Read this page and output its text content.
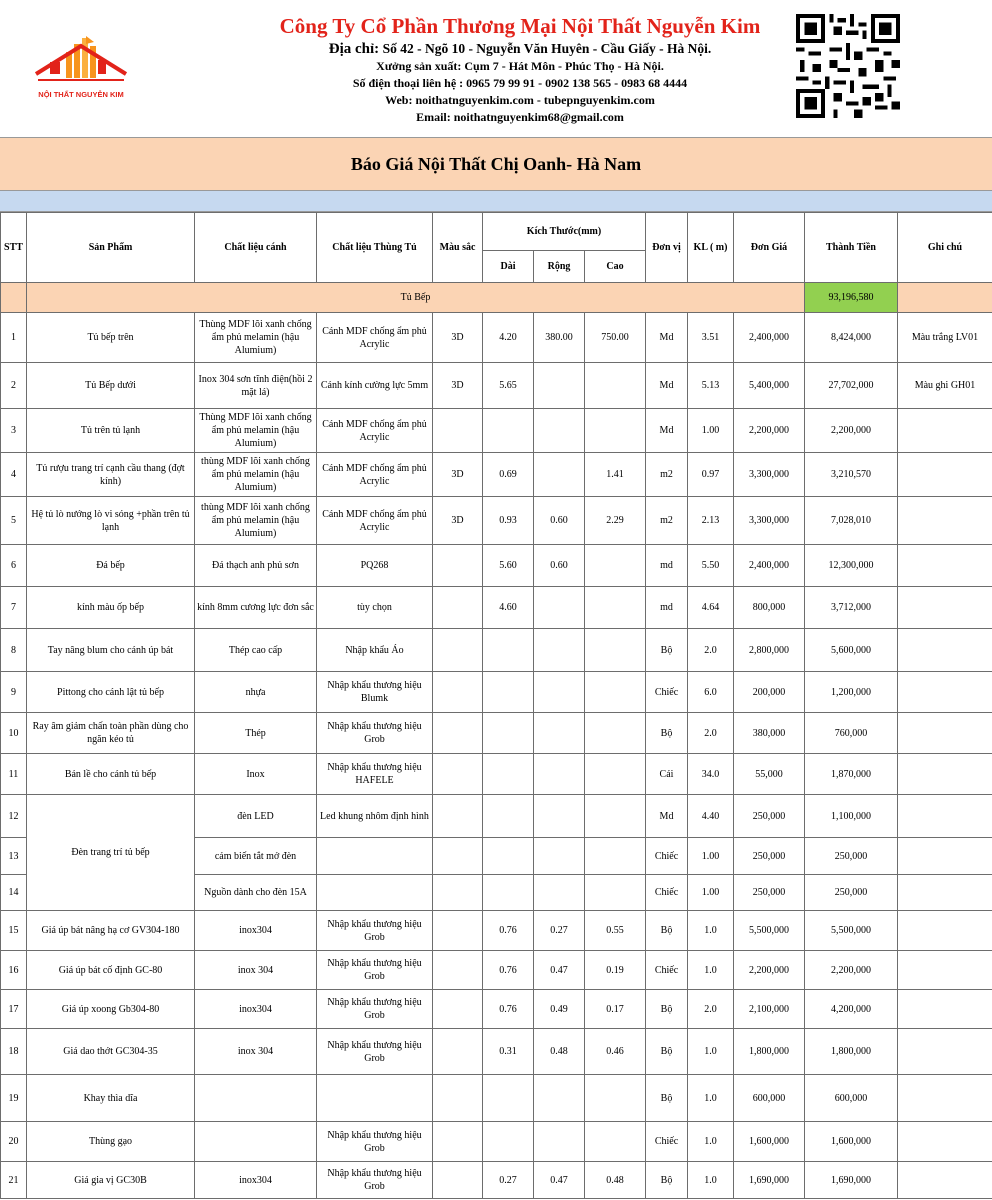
NỘI THẤT NGUYỄN KIM
Công Ty Cổ Phần Thương Mại Nội Thất Nguyễn Kim
Địa chỉ: Số 42 - Ngõ 10 - Nguyễn Văn Huyên - Cầu Giấy - Hà Nội.
Xưởng sản xuất: Cụm 7 - Hát Môn - Phúc Thọ - Hà Nội.
Số điện thoại liên hệ : 0965 79 99 91 - 0902 138 565 - 0983 68 4444
Web: noithatnguyenkim.com - tubepnguyenkim.com
Email: noithatnguyenkim68@gmail.com
Báo Giá Nội Thất Chị Oanh- Hà Nam
STT	Sản Phẩm	Chất liệu cánh	Chất liệu Thùng Tủ	Màu sắc	Kích Thước(mm)			Đơn vị	KL ( m)	Đơn Giá	Thành Tiền	Ghi chú
					Dài	Rộng	Cao					
	Tủ Bếp										93,196,580	
1	Tủ bếp trên	Thùng MDF lõi xanh chống ẩm phủ melamin (hậu Alumium)	Cánh MDF chống ẩm phủ Acrylic	3D	4.20	380.00	750.00	Md	3.51	2,400,000	8,424,000	Màu trắng LV01
2	Tủ Bếp dưới	Inox 304 sơn tĩnh điện(hồi 2 mặt lá)	Cánh kính cường lực 5mm	3D	5.65			Md	5.13	5,400,000	27,702,000	Màu ghi GH01
3	Tủ trên tủ lạnh	Thùng MDF lõi xanh chống ẩm phủ melamin (hậu Alumium)	Cánh MDF chống ẩm phủ Acrylic					Md	1.00	2,200,000	2,200,000	
4	Tủ rượu trang trí cạnh cầu thang (đợt kính)	thùng MDF lõi xanh chống ẩm phủ melamin (hậu Alumium)	Cánh MDF chống ẩm phủ Acrylic	3D	0.69		1.41	m2	0.97	3,300,000	3,210,570	
5	Hệ tủ lò nướng lò vi sóng +phần trên tủ lạnh	thùng MDF lõi xanh chống ẩm phủ melamin (hậu Alumium)	Cánh MDF chống ẩm phủ Acrylic	3D	0.93	0.60	2.29	m2	2.13	3,300,000	7,028,010	
6	Đá bếp	Đá thạch anh phủ sơn	PQ268		5.60	0.60		md	5.50	2,400,000	12,300,000	
7	kính màu ốp bếp	kính 8mm cương lực đơn sắc	tùy chọn		4.60			md	4.64	800,000	3,712,000	
8	Tay nâng blum cho cánh úp bát	Thép cao cấp	Nhập khẩu Áo					Bộ	2.0	2,800,000	5,600,000	
9	Pittong cho cánh lật tủ bếp	nhựa	Nhập khẩu thương hiệu Blumk					Chiếc	6.0	200,000	1,200,000	
10	Ray âm giảm chấn toàn phần dùng cho ngăn kéo tủ	Thép	Nhập khẩu thương hiệu Grob					Bộ	2.0	380,000	760,000	
11	Bản lề cho cánh tủ bếp	Inox	Nhập khẩu thương hiệu HAFELE					Cái	34.0	55,000	1,870,000	
12	Đèn trang trí tủ bếp	đèn LED	Led khung nhôm định hình					Md	4.40	250,000	1,100,000	
13		cảm biến tắt mở đèn						Chiếc	1.00	250,000	250,000	
14		Nguồn dành cho đèn 15A						Chiếc	1.00	250,000	250,000	
15	Giá úp bát nâng hạ cơ GV304-180	inox304	Nhập khẩu thương hiệu Grob		0.76	0.27	0.55	Bộ	1.0	5,500,000	5,500,000	
16	Giá úp bát cố định GC-80	inox 304	Nhập khẩu thương hiệu Grob		0.76	0.47	0.19	Chiếc	1.0	2,200,000	2,200,000	
17	Giá úp xoong Gb304-80	inox304	Nhập khẩu thương hiệu Grob		0.76	0.49	0.17	Bộ	2.0	2,100,000	4,200,000	
18	Giá dao thớt GC304-35	inox 304	Nhập khẩu thương hiệu Grob		0.31	0.48	0.46	Bộ	1.0	1,800,000	1,800,000	
19	Khay thìa dĩa							Bộ	1.0	600,000	600,000	
20	Thùng gạo		Nhập khẩu thương hiệu Grob					Chiếc	1.0	1,600,000	1,600,000	
21	Giá gia vị GC30B	inox304	Nhập khẩu thương hiệu Grob		0.27	0.47	0.48	Bộ	1.0	1,690,000	1,690,000	
